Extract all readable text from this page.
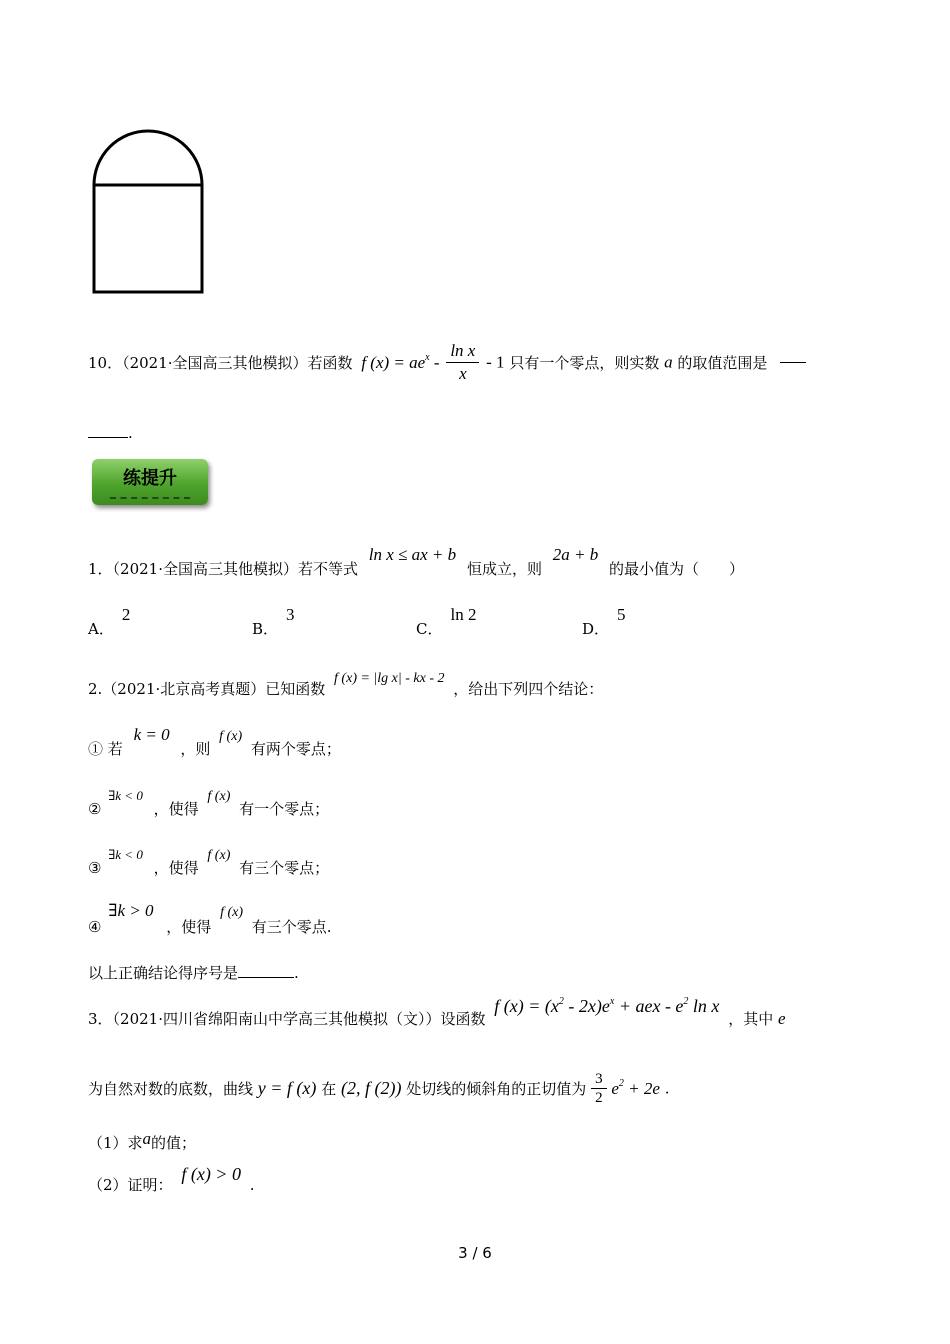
10．（2021·全国高三其他模拟）若函数 f $(x) = ae^x - \frac{\text{ln x}}{x} - 1$ 只有一个零点，则实数 a 的取值范围是
.
练提升
1．（2021·全国高三其他模拟）若不等式 ln x ≤ ax + b 恒成立，则 2a + b 的最小值为（　　）
A．2
B．3
C．ln 2
D．5
2.（2021·北京高考真题）已知函数 f (x) = |lg x| - kx - 2 ，给出下列四个结论：
① 若 k = 0 ，则 f (x) 有两个零点；
② ∃k < 0 ，使得 f (x) 有一个零点；
③ ∃k < 0 ，使得 f (x) 有三个零点；
④ ∃k > 0 ，使得 f (x) 有三个零点.
以上正确结论得序号是	.
3．（2021·四川省绵阳南山中学高三其他模拟（文））设函数 f $(x) = (x^2 - 2x)e^x$ + aex - $e^2$ ln x ，其中 e
为自然对数的底数，曲线 y = f (x) 在 (2, f (2)) 处切线的倾斜角的正切值为 $\frac{3}{2} e^2 + 2e$ .
（1）求a的值；
（2）证明： f (x) > 0 .
3 / 6
